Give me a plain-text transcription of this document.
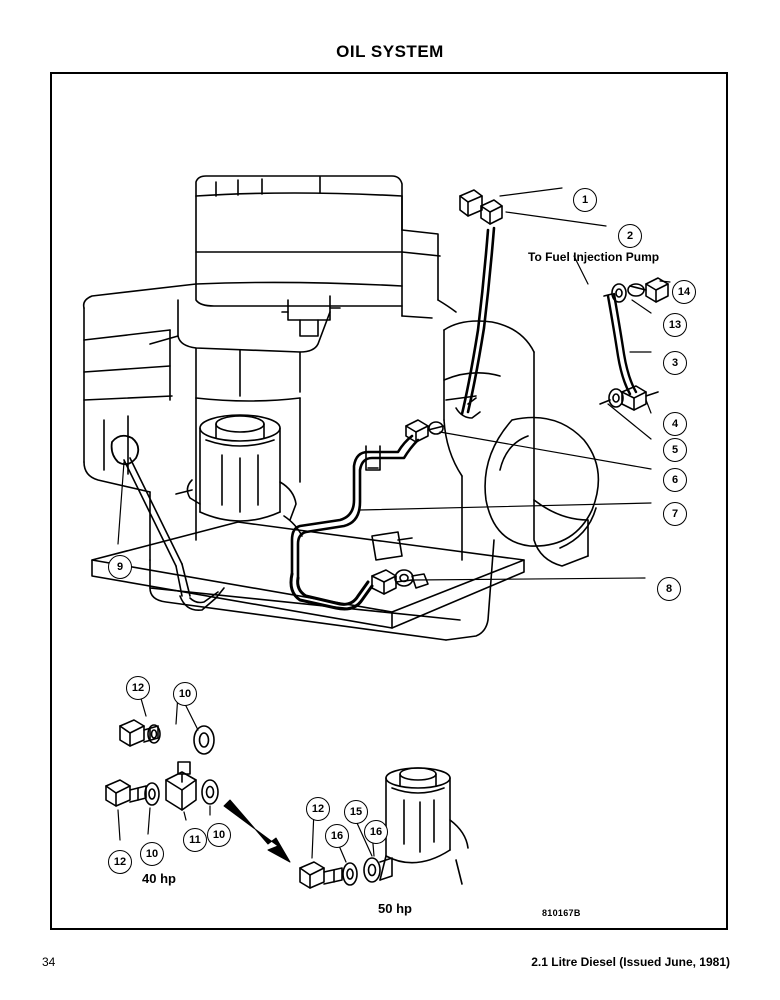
OIL SYSTEM
To Fuel Injection Pump
40 hp
50 hp	810167B
34	2.1 Litre Diesel (Issued June, 1981)
1
2
14
13
3
4
5
6
7
8
9
12	10
12
10
11	10
12	15
16	16
